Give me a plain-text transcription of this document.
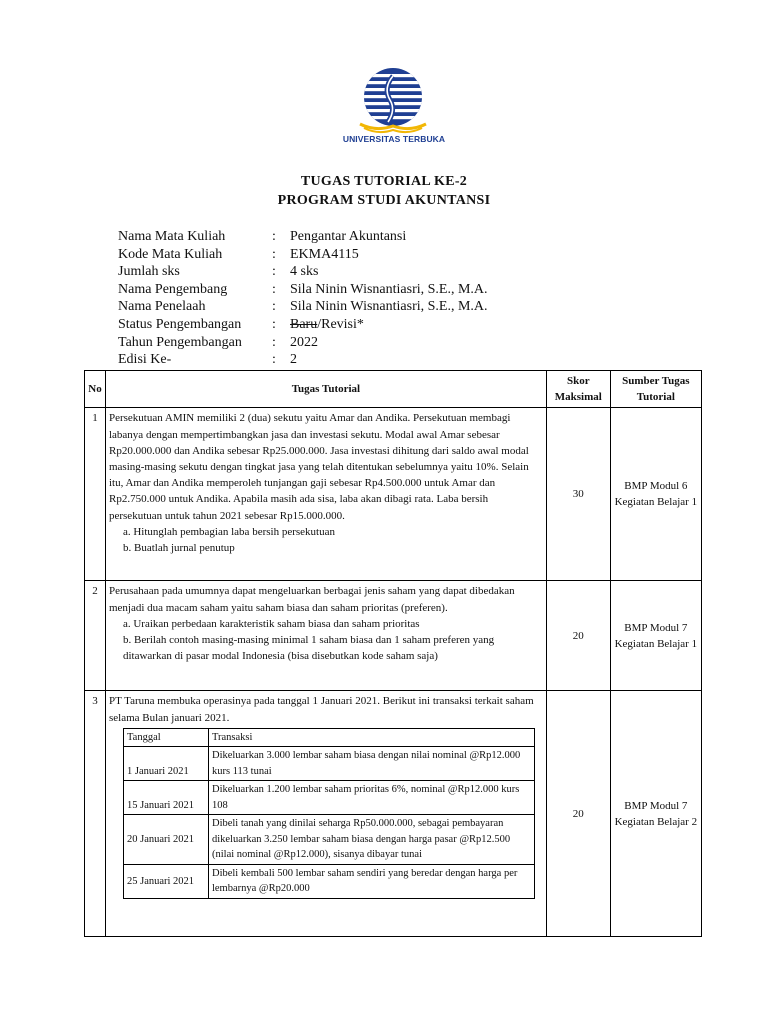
UNIVERSITAS TERBUKA
TUGAS TUTORIAL KE-2
PROGRAM STUDI AKUNTANSI
Nama Mata Kuliah	: Pengantar Akuntansi
Kode Mata Kuliah	: EKMA4115
Jumlah sks	: 4 sks
Nama Pengembang	: Sila Ninin Wisnantiasri, S.E., M.A.
Nama Penelaah	: Sila Ninin Wisnantiasri, S.E., M.A.
Status Pengembangan : Baru/Revisi*
Tahun Pengembangan : 2022
Edisi Ke-	: 2
No	Tugas Tutorial	Skor Maksimal	Sumber Tugas Tutorial
1	Persekutuan AMIN memiliki 2 (dua) sekutu yaitu Amar dan Andika. Persekutuan membagi labanya dengan mempertimbangkan jasa dan investasi sekutu. Modal awal Amar sebesar Rp20.000.000 dan Andika sebesar Rp25.000.000. Jasa investasi dihitung dari saldo awal modal masing-masing sekutu dengan tingkat jasa yang telah ditentukan sebelumnya yaitu 10%. Selain itu, Amar dan Andika memperoleh tunjangan gaji sebesar Rp4.500.000 untuk Amar dan Rp2.750.000 untuk Andika. Apabila masih ada sisa, laba akan dibagi rata. Laba bersih persekutuan untuk tahun 2021 sebesar Rp15.000.000.
a. Hitunglah pembagian laba bersih persekutuan
b. Buatlah jurnal penutup
	30	BMP Modul 6 Kegiatan Belajar 1
2	Perusahaan pada umumnya dapat mengeluarkan berbagai jenis saham yang dapat dibedakan menjadi dua macam saham yaitu saham biasa dan saham prioritas (preferen).
a. Uraikan perbedaan karakteristik saham biasa dan saham prioritas
b. Berilah contoh masing-masing minimal 1 saham biasa dan 1 saham preferen yang ditawarkan di pasar modal Indonesia (bisa disebutkan kode saham saja)
	20	BMP Modul 7 Kegiatan Belajar 1
3	PT Taruna membuka operasinya pada tanggal 1 Januari 2021. Berikut ini transaksi terkait saham selama Bulan januari 2021.
Tanggal	Transaksi
1 Januari 2021	Dikeluarkan 3.000 lembar saham biasa dengan nilai nominal @Rp12.000 kurs 113 tunai
15 Januari 2021	Dikeluarkan 1.200 lembar saham prioritas 6%, nominal @Rp12.000 kurs 108
20 Januari 2021	Dibeli tanah yang dinilai seharga Rp50.000.000, sebagai pembayaran dikeluarkan 3.250 lembar saham biasa dengan harga pasar @Rp12.500 (nilai nominal @Rp12.000), sisanya dibayar tunai
25 Januari 2021	Dibeli kembali 500 lembar saham sendiri yang beredar dengan harga per lembarnya @Rp20.000
	20	BMP Modul 7 Kegiatan Belajar 2
